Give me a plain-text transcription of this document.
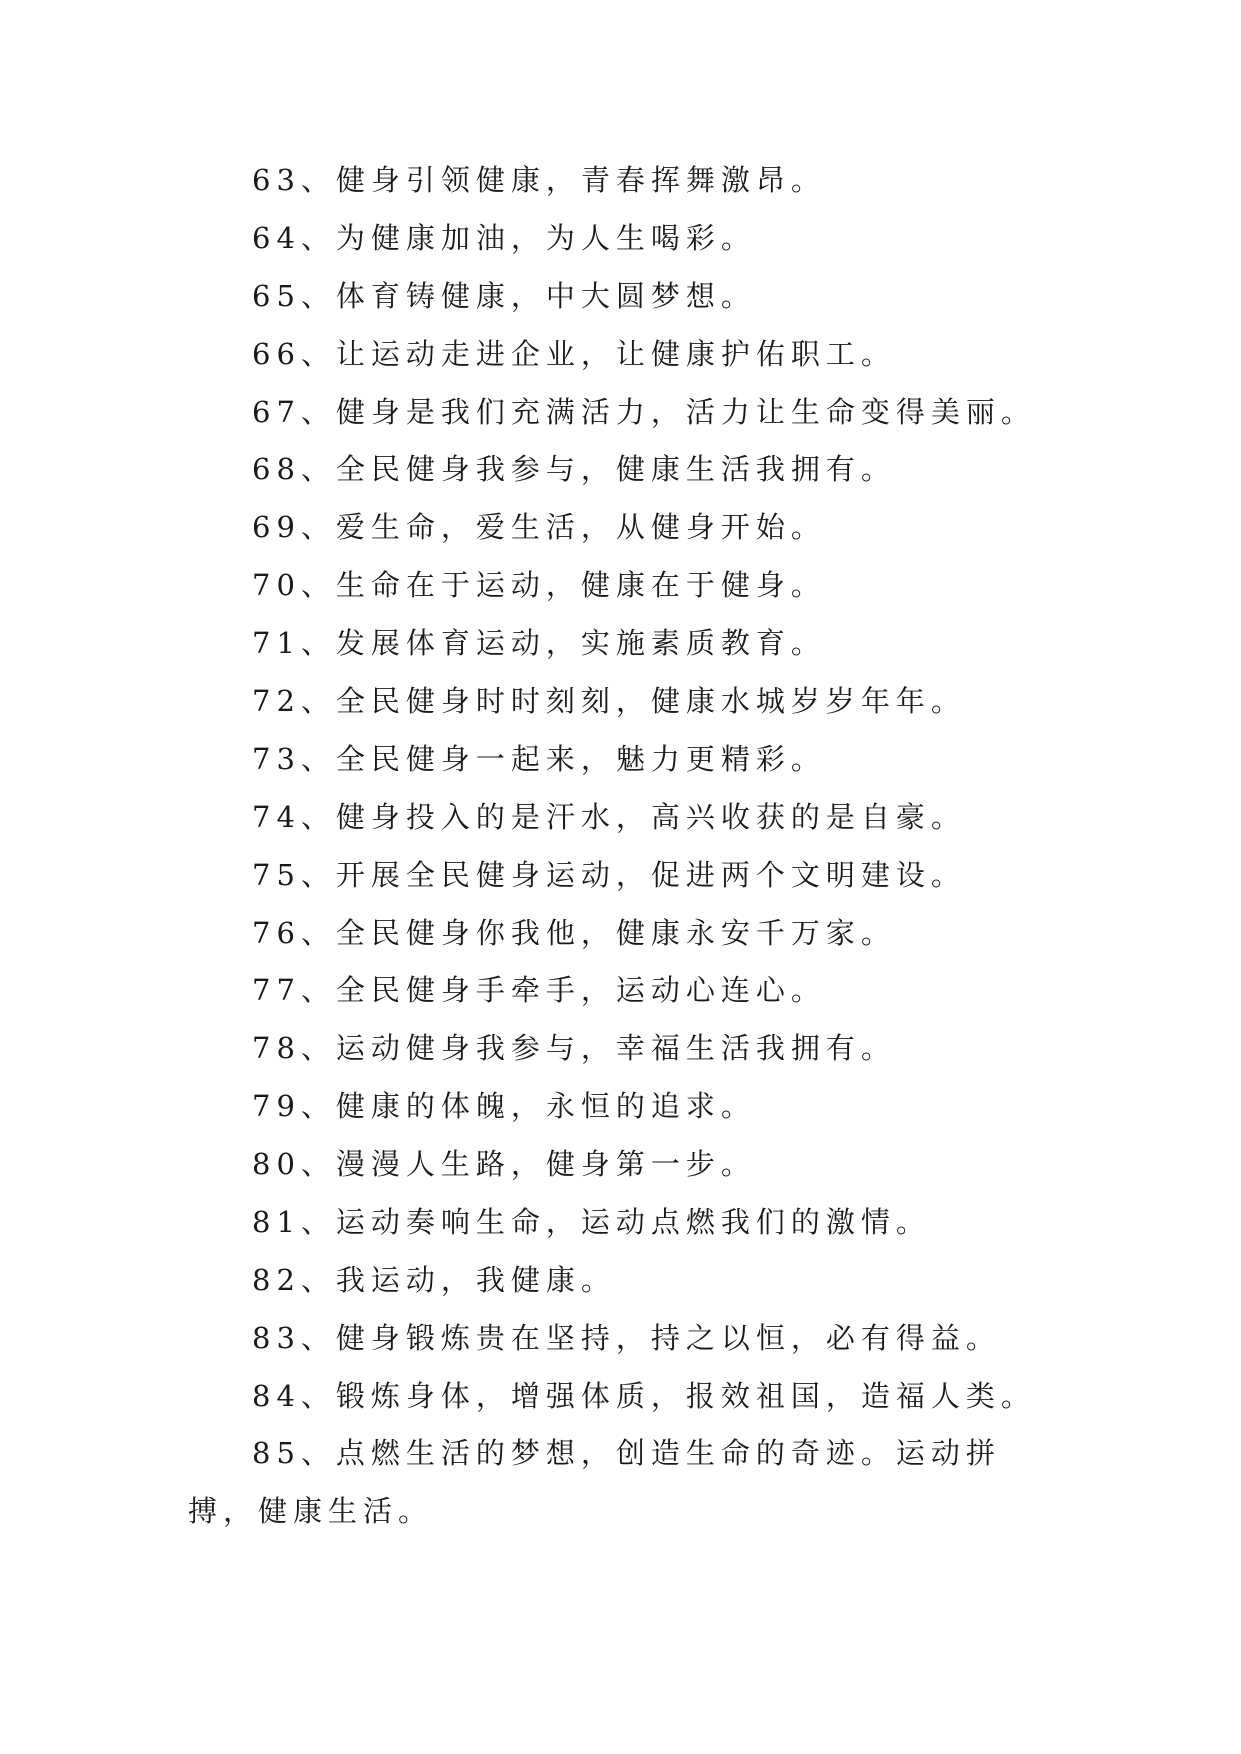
63、健身引领健康，青春挥舞激昂。

64、为健康加油，为人生喝彩。

65、体育铸健康，中大圆梦想。

66、让运动走进企业，让健康护佑职工。

67、健身是我们充满活力，活力让生命变得美丽。

68、全民健身我参与，健康生活我拥有。

69、爱生命，爱生活，从健身开始。

70、生命在于运动，健康在于健身。

71、发展体育运动，实施素质教育。

72、全民健身时时刻刻，健康水城岁岁年年。

73、全民健身一起来，魅力更精彩。

74、健身投入的是汗水，高兴收获的是自豪。

75、开展全民健身运动，促进两个文明建设。

76、全民健身你我他，健康永安千万家。

77、全民健身手牵手，运动心连心。

78、运动健身我参与，幸福生活我拥有。

79、健康的体魄，永恒的追求。

80、漫漫人生路，健身第一步。

81、运动奏响生命，运动点燃我们的激情。

82、我运动，我健康。

83、健身锻炼贵在坚持，持之以恒，必有得益。

84、锻炼身体，增强体质，报效祖国，造福人类。

85、点燃生活的梦想，创造生命的奇迹。运动拼搏，健康生活。
